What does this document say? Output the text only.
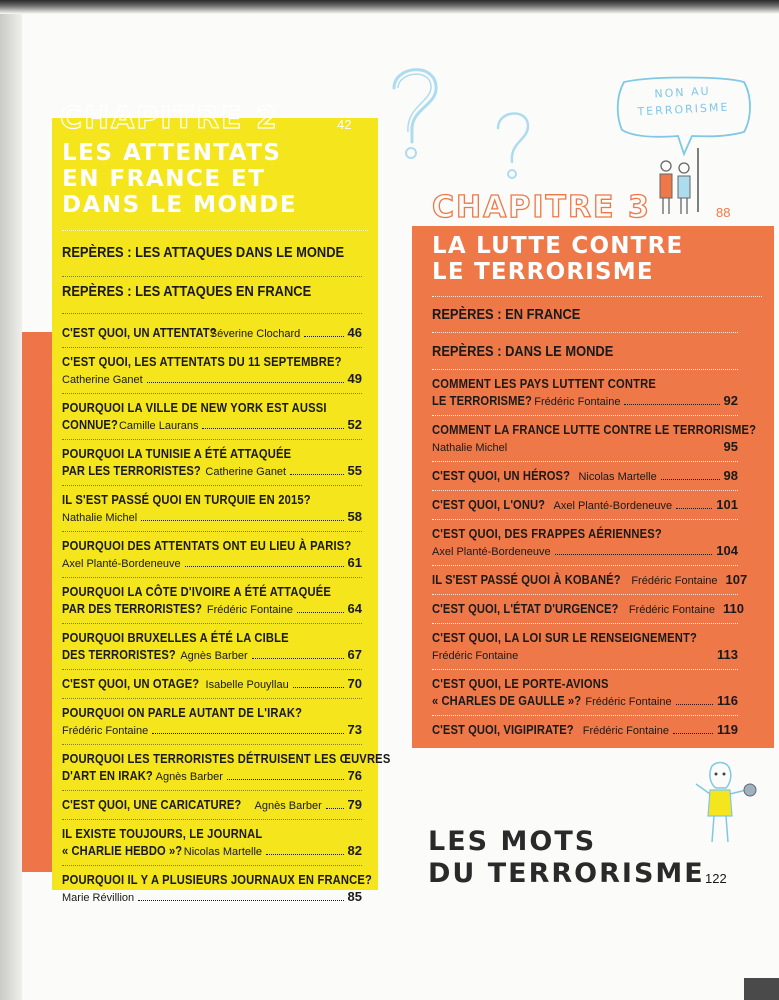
NON AU
TERRORISME
CHAPITRE 2	42
LES ATTENTATS
EN FRANCE ET
DANS LE MONDE
REPÈRES : LES ATTAQUES DANS LE MONDE
REPÈRES : LES ATTAQUES EN FRANCE
C'EST QUOI, UN ATTENTAT?
Séverine Clochard	46
C'EST QUOI, LES ATTENTATS DU 11 SEPTEMBRE?
Catherine Ganet	49
POURQUOI LA VILLE DE NEW YORK EST AUSSI
CONNUE? Camille Laurans	52
POURQUOI LA TUNISIE A ÉTÉ ATTAQUÉE
PAR LES TERRORISTES? Catherine Ganet	55
IL S'EST PASSÉ QUOI EN TURQUIE EN 2015?
Nathalie Michel	58
POURQUOI DES ATTENTATS ONT EU LIEU À PARIS?
Axel Planté-Bordeneuve	61
POURQUOI LA CÔTE D'IVOIRE A ÉTÉ ATTAQUÉE
PAR DES TERRORISTES? Frédéric Fontaine	64
POURQUOI BRUXELLES A ÉTÉ LA CIBLE
DES TERRORISTES? Agnès Barber	67
C'EST QUOI, UN OTAGE? Isabelle Pouyllau	70
POURQUOI ON PARLE AUTANT DE L'IRAK?
Frédéric Fontaine	73
POURQUOI LES TERRORISTES DÉTRUISENT LES ŒUVRES
D'ART EN IRAK? Agnès Barber	76
C'EST QUOI, UNE CARICATURE? Agnès Barber 79
IL EXISTE TOUJOURS, LE JOURNAL
« CHARLIE HEBDO »? Nicolas Martelle	82
POURQUOI IL Y A PLUSIEURS JOURNAUX EN FRANCE?
Marie Révillion	85
CHAPITRE 3	88
LA LUTTE CONTRE
LE TERRORISME
REPÈRES : EN FRANCE
REPÈRES : DANS LE MONDE
COMMENT LES PAYS LUTTENT CONTRE
LE TERRORISME? Frédéric Fontaine	92
COMMENT LA FRANCE LUTTE CONTRE LE TERRORISME?
Nathalie Michel	95
C'EST QUOI, UN HÉROS? Nicolas Martelle	98
C'EST QUOI, L'ONU? Axel Planté-Bordeneuve	101
C'EST QUOI, DES FRAPPES AÉRIENNES?
Axel Planté-Bordeneuve	104
IL S'EST PASSÉ QUOI À KOBANÉ? Frédéric Fontaine 107
C'EST QUOI, L'ÉTAT D'URGENCE? Frédéric Fontaine 110
C'EST QUOI, LA LOI SUR LE RENSEIGNEMENT?
Frédéric Fontaine	113
C'EST QUOI, LE PORTE-AVIONS
« CHARLES DE GAULLE »? Frédéric Fontaine	116
C'EST QUOI, VIGIPIRATE? Frédéric Fontaine	119
LES MOTS
DU TERRORISME 122
